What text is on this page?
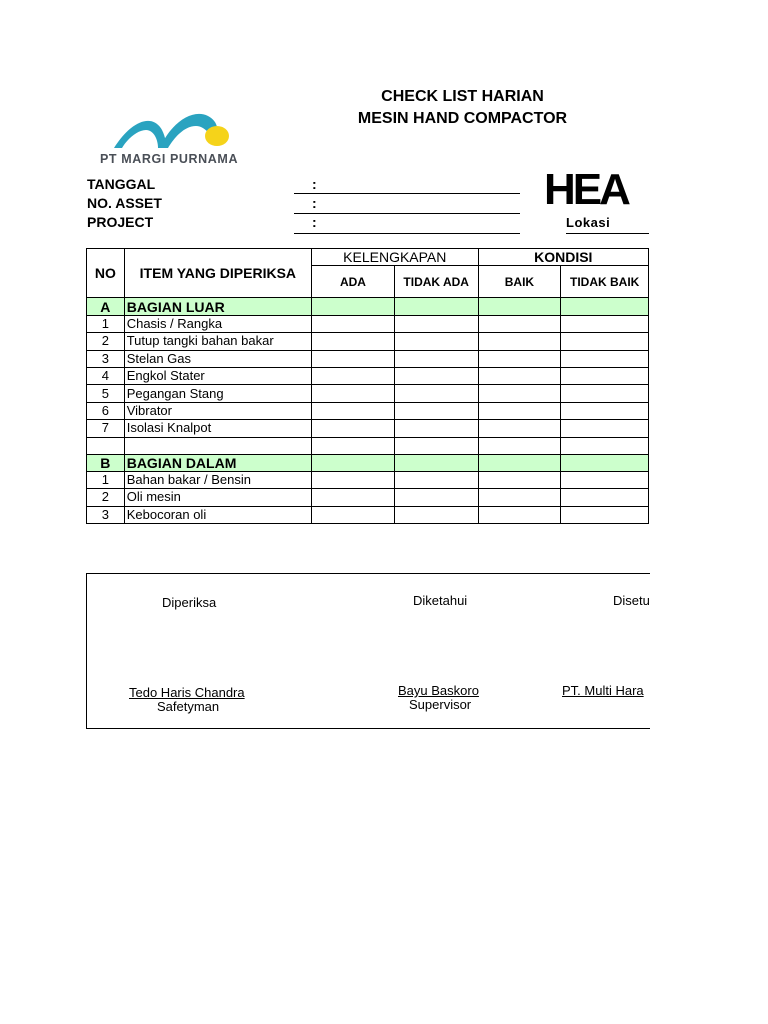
CHECK LIST HARIAN
MESIN HAND COMPACTOR
PT MARGI PURNAMA
TANGGAL	:
NO. ASSET	:
PROJECT	:
HEA
Lokasi
NO	ITEM YANG DIPERIKSA	KELENGKAPAN		KONDISI	
		ADA	TIDAK ADA	BAIK	TIDAK BAIK
A	BAGIAN LUAR				
1	Chasis / Rangka				
2	Tutup tangki bahan bakar				
3	Stelan Gas				
4	Engkol Stater				
5	Pegangan Stang				
6	Vibrator				
7	Isolasi Knalpot				

B	BAGIAN DALAM				
1	Bahan bakar / Bensin				
2	Oli mesin				
3	Kebocoran oli				
Diperiksa	Diketahui	Disetu
Tedo Haris Chandra
Safetyman
Bayu Baskoro
Supervisor
PT. Multi Hara
